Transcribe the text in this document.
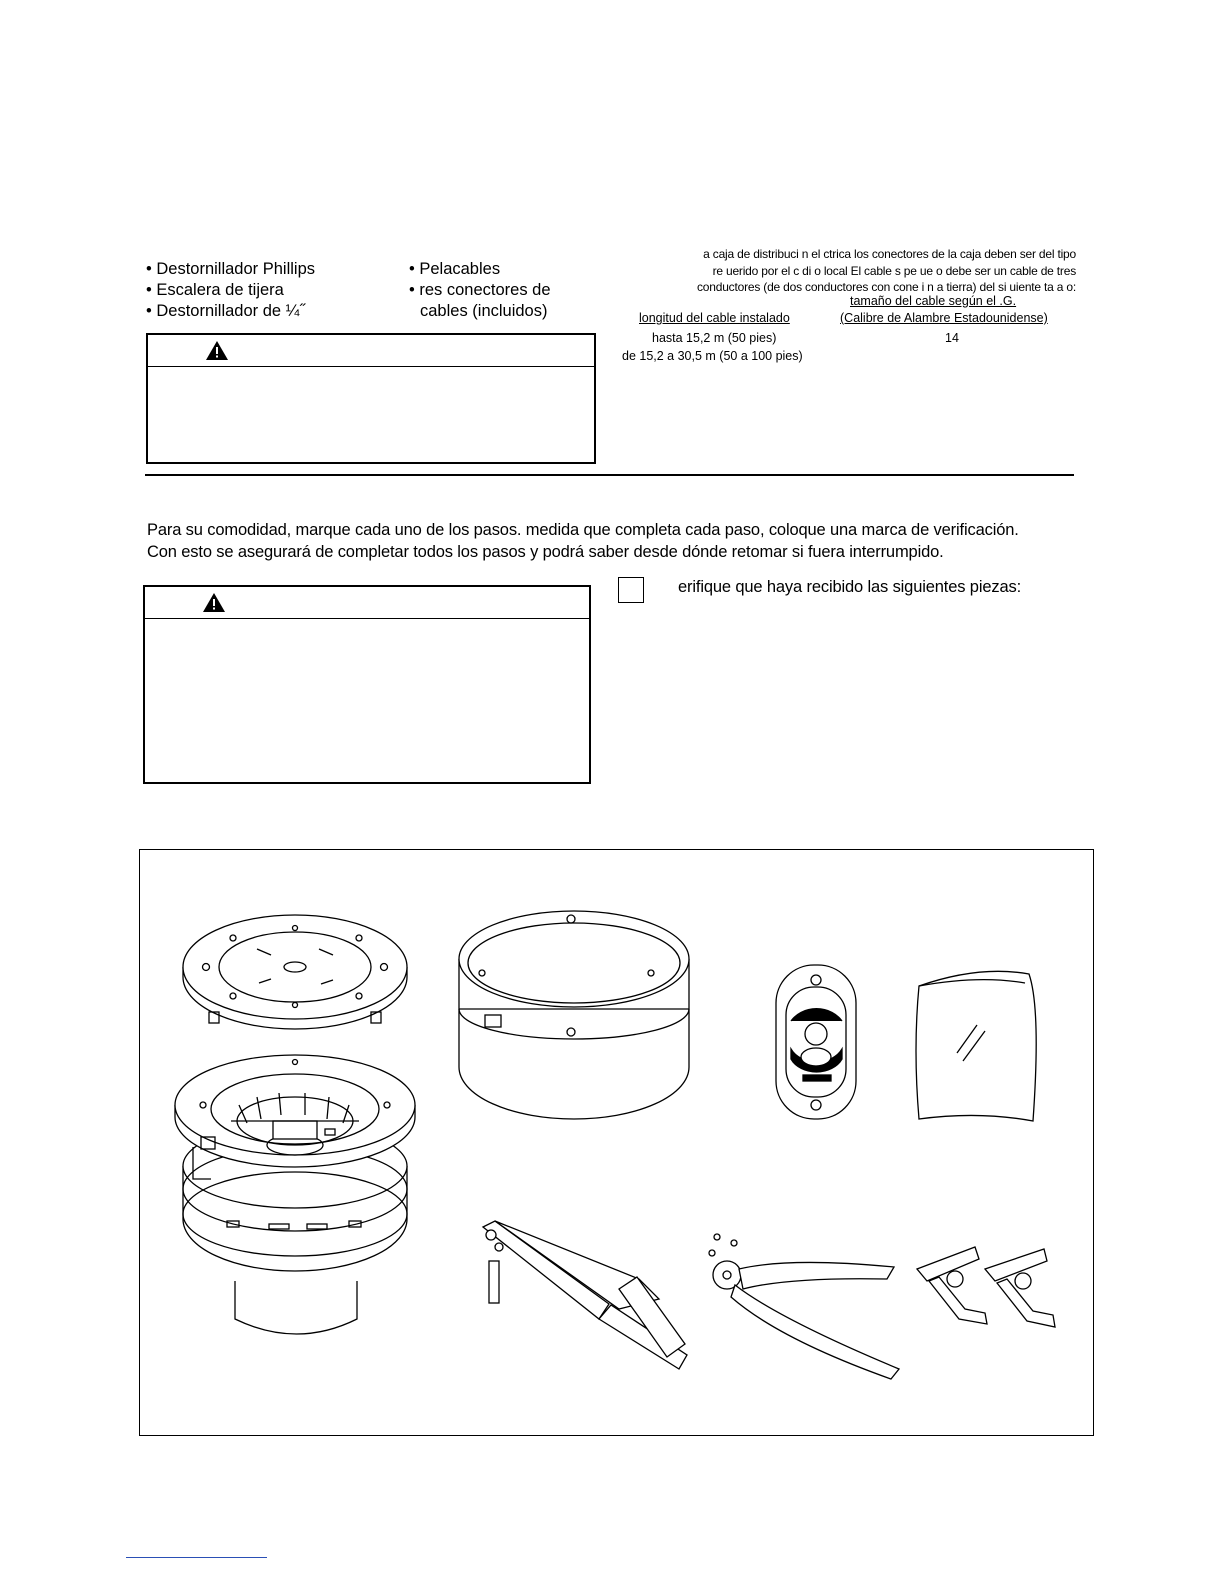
• Destornillador Phillips
• Escalera de tijera
• Destornillador de ¼˝
• Pelacables
• res conectores de
cables (incluidos)
a caja de distribuci n el ctrica los conectores de la caja deben ser del tipo
re uerido por el c di o local El cable s pe ue o debe ser un cable de tres
conductores (de dos conductores con cone i n a tierra) del si uiente ta a o:
tamaño del cable según el .G.
longitud del cable instalado	(Calibre de Alambre Estadounidense)
hasta 15,2 m (50 pies)	14
de 15,2 a 30,5 m (50 a 100 pies)
Para su comodidad, marque cada uno de los pasos. medida que completa cada paso, coloque una marca de verificación.
Con esto se asegurará de completar todos los pasos y podrá saber desde dónde retomar si fuera interrumpido.
erifique que haya recibido las siguientes piezas:
